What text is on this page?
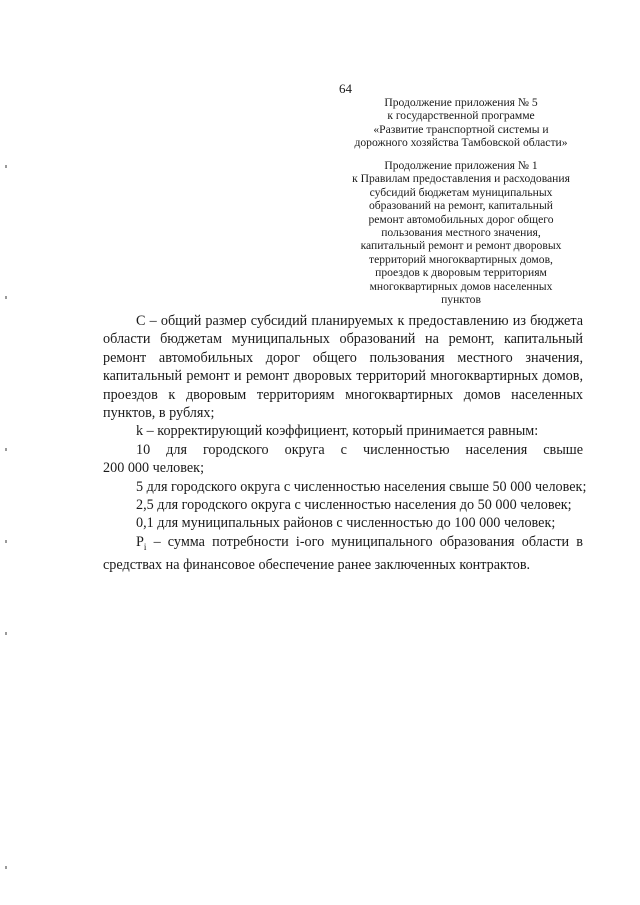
64
Продолжение приложения № 5
к государственной программе
«Развитие транспортной системы и
дорожного хозяйства Тамбовской области»
Продолжение приложения № 1
к Правилам предоставления и расходования
субсидий бюджетам муниципальных
образований на ремонт, капитальный
ремонт автомобильных дорог общего
пользования местного значения,
капитальный ремонт и ремонт дворовых
территорий многоквартирных домов,
проездов к дворовым территориям
многоквартирных домов населенных
пунктов

С – общий размер субсидий планируемых к предоставлению из бюджета
области бюджетам муниципальных образований на ремонт, капитальный
ремонт автомобильных дорог общего пользования местного значения,
капитальный ремонт и ремонт дворовых территорий многоквартирных домов,
проездов к дворовым территориям многоквартирных домов населенных
пунктов, в рублях;

k – корректирующий коэффициент, который принимается равным:

10 для городского округа с численностью населения свыше
200 000 человек;

5 для городского округа с численностью населения свыше 50 000 человек;

2,5 для городского округа с численностью населения до 50 000 человек;

0,1 для муниципальных районов с численностью до 100 000 человек;

$P_i$ – сумма потребности i-ого муниципального образования области в
средствах на финансовое обеспечение ранее заключенных контрактов.
